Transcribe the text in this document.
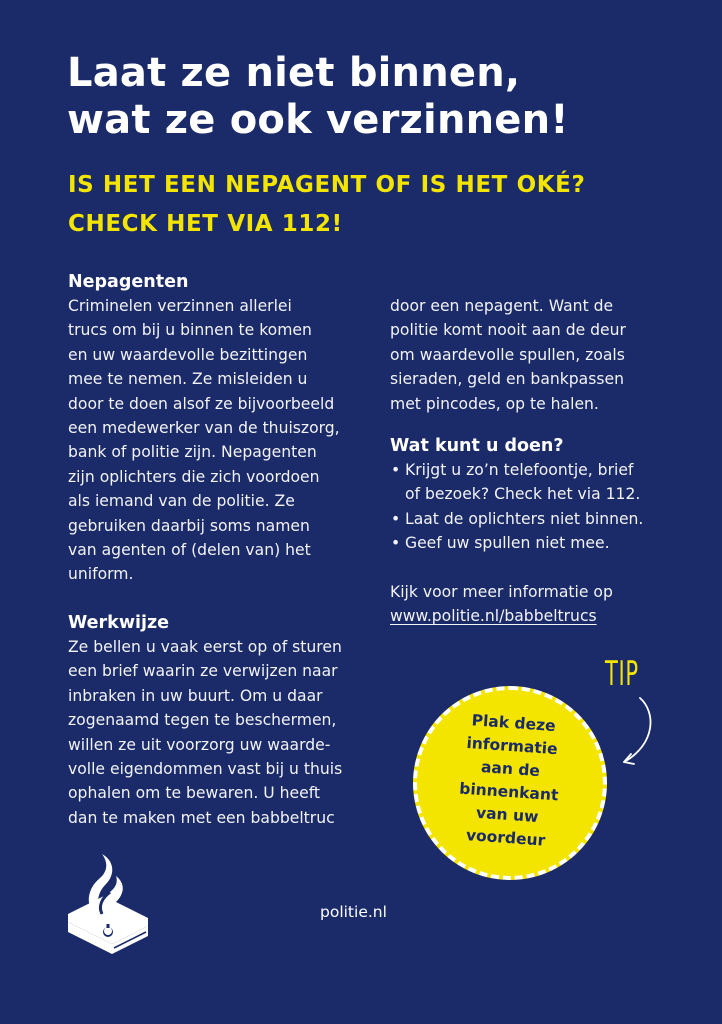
Laat ze niet binnen,
wat ze ook verzinnen!
IS HET EEN NEPAGENT OF IS HET OKÉ?
CHECK HET VIA 112!
Nepagenten
Criminelen verzinnen allerlei
trucs om bij u binnen te komen
en uw waardevolle bezittingen
mee te nemen. Ze misleiden u
door te doen alsof ze bijvoorbeeld
een medewerker van de thuiszorg,
bank of politie zijn. Nepagenten
zijn oplichters die zich voordoen
als iemand van de politie. Ze
gebruiken daarbij soms namen
van agenten of (delen van) het
uniform.
Werkwijze
Ze bellen u vaak eerst op of sturen
een brief waarin ze verwijzen naar
inbraken in uw buurt. Om u daar
zogenaamd tegen te beschermen,
willen ze uit voorzorg uw waarde-
volle eigendommen vast bij u thuis
ophalen om te bewaren. U heeft
dan te maken met een babbeltruc
door een nepagent. Want de
politie komt nooit aan de deur
om waardevolle spullen, zoals
sieraden, geld en bankpassen
met pincodes, op te halen.
Wat kunt u doen?
• Krijgt u zo’n telefoontje, brief
of bezoek? Check het via 112.
• Laat de oplichters niet binnen.
• Geef uw spullen niet mee.
Kijk voor meer informatie op
www.politie.nl/babbeltrucs
TIP
Plak deze
informatie
aan de
binnenkant
van uw
voordeur
politie.nl
